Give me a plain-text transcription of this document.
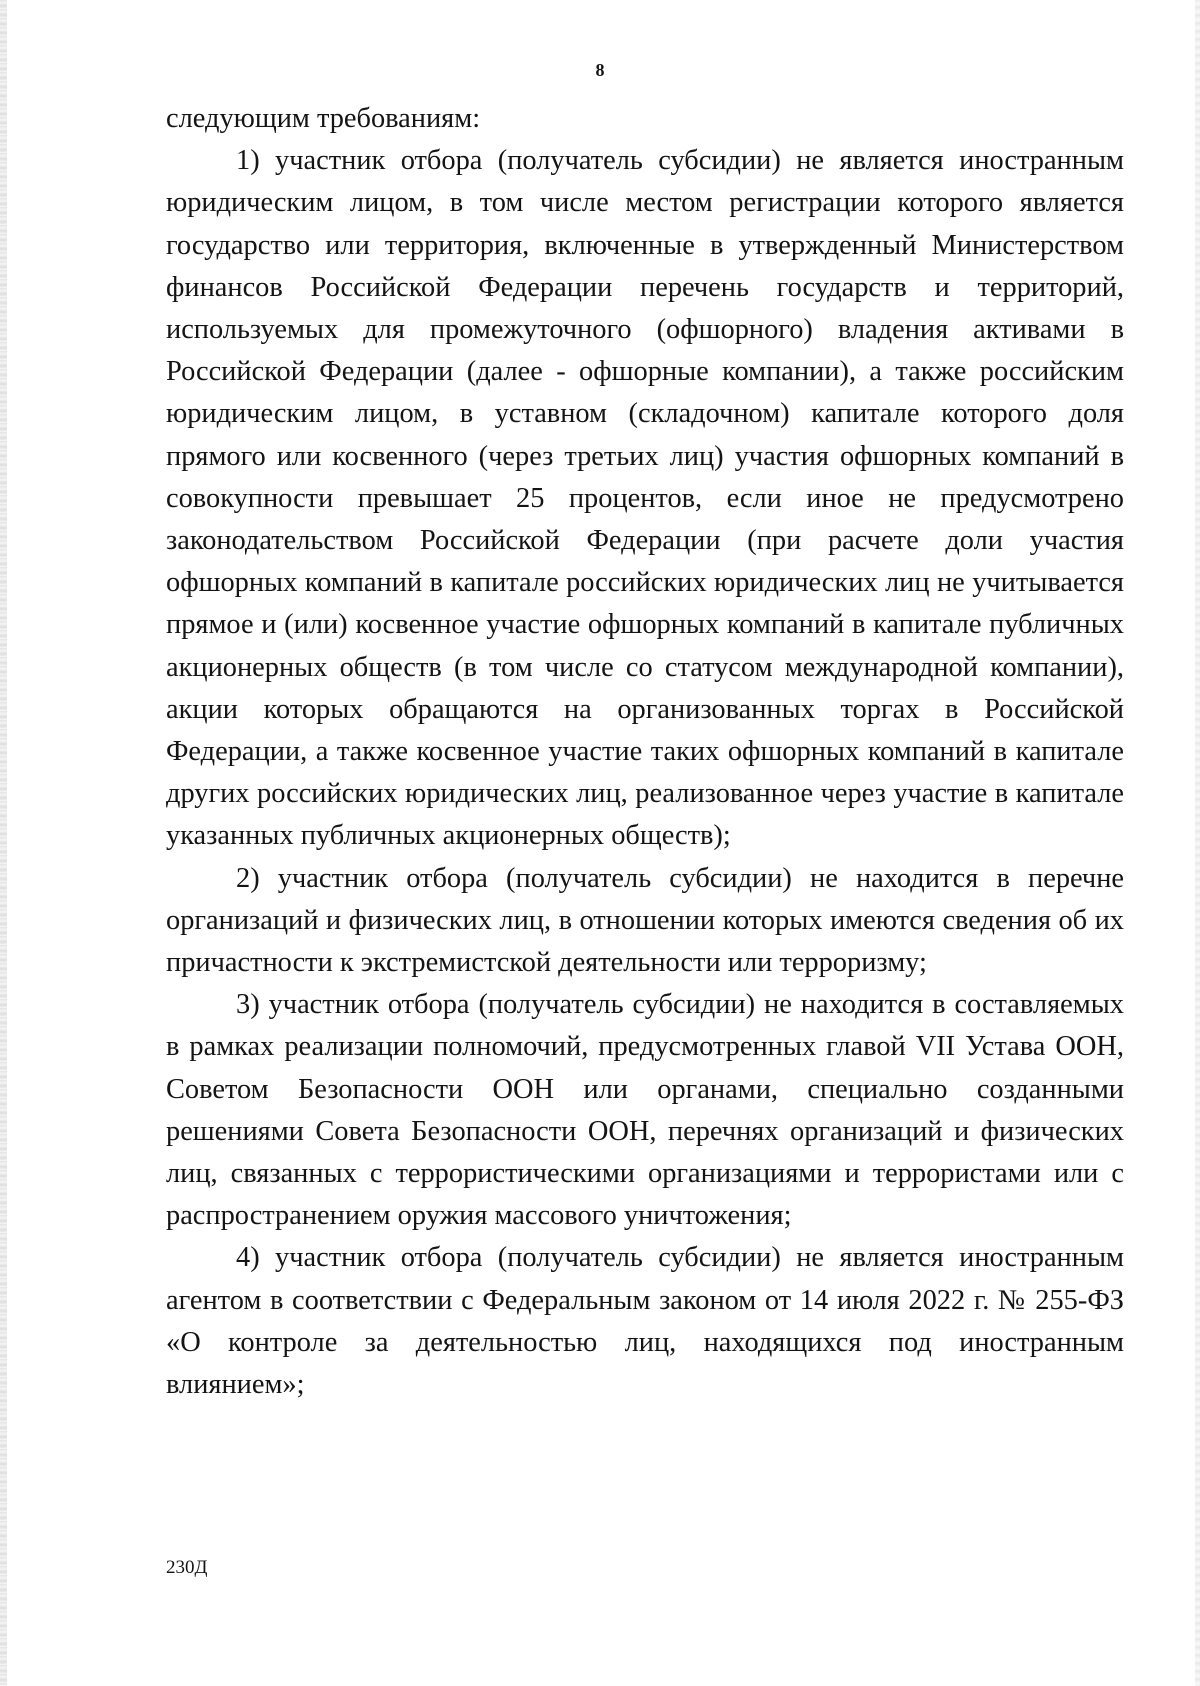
8

следующим требованиям:

1) участник отбора (получатель субсидии) не является иностранным юридическим лицом, в том числе местом регистрации которого является государство или территория, включенные в утвержденный Министерством финансов Российской Федерации перечень государств и территорий, используемых для промежуточного (офшорного) владения активами в Российской Федерации (далее - офшорные компании), а также российским юридическим лицом, в уставном (складочном) капитале которого доля прямого или косвенного (через третьих лиц) участия офшорных компаний в совокупности превышает 25 процентов, если иное не предусмотрено законодательством Российской Федерации (при расчете доли участия офшорных компаний в капитале российских юридических лиц не учитывается прямое и (или) косвенное участие офшорных компаний в капитале публичных акционерных обществ (в том числе со статусом международной компании), акции которых обращаются на организованных торгах в Российской Федерации, а также косвенное участие таких офшорных компаний в капитале других российских юридических лиц, реализованное через участие в капитале указанных публичных акционерных обществ);

2) участник отбора (получатель субсидии) не находится в перечне организаций и физических лиц, в отношении которых имеются сведения об их причастности к экстремистской деятельности или терроризму;

3) участник отбора (получатель субсидии) не находится в составляемых в рамках реализации полномочий, предусмотренных главой VII Устава ООН, Советом Безопасности ООН или органами, специально созданными решениями Совета Безопасности ООН, перечнях организаций и физических лиц, связанных с террористическими организациями и террористами или с распространением оружия массового уничтожения;

4) участник отбора (получатель субсидии) не является иностранным агентом в соответствии с Федеральным законом от 14 июля 2022 г. № 255-ФЗ «О контроле за деятельностью лиц, находящихся под иностранным влиянием»;

230Д
